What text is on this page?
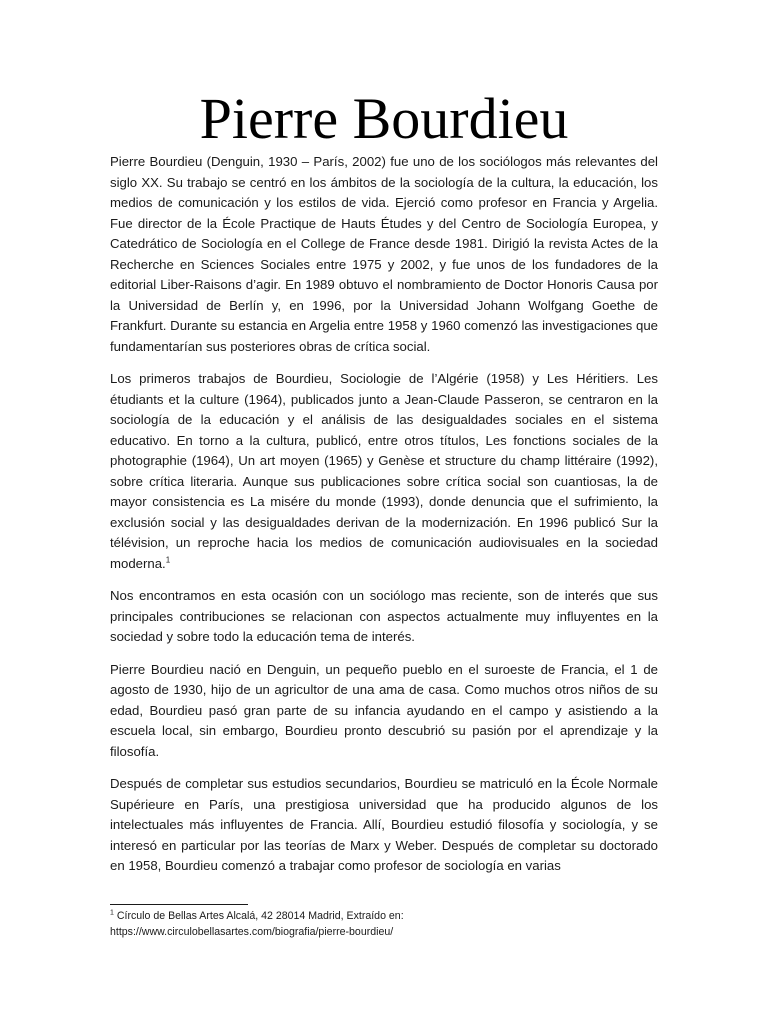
Pierre Bourdieu

Pierre Bourdieu (Denguin, 1930 – París, 2002) fue uno de los sociólogos más relevantes del siglo XX. Su trabajo se centró en los ámbitos de la sociología de la cultura, la educación, los medios de comunicación y los estilos de vida. Ejerció como profesor en Francia y Argelia. Fue director de la École Practique de Hauts Études y del Centro de Sociología Europea, y Catedrático de Sociología en el College de France desde 1981. Dirigió la revista Actes de la Recherche en Sciences Sociales entre 1975 y 2002, y fue unos de los fundadores de la editorial Liber-Raisons d’agir. En 1989 obtuvo el nombramiento de Doctor Honoris Causa por la Universidad de Berlín y, en 1996, por la Universidad Johann Wolfgang Goethe de Frankfurt. Durante su estancia en Argelia entre 1958 y 1960 comenzó las investigaciones que fundamentarían sus posteriores obras de crítica social.

Los primeros trabajos de Bourdieu, Sociologie de l’Algérie (1958) y Les Héritiers. Les étudiants et la culture (1964), publicados junto a Jean-Claude Passeron, se centraron en la sociología de la educación y el análisis de las desigualdades sociales en el sistema educativo. En torno a la cultura, publicó, entre otros títulos, Les fonctions sociales de la photographie (1964), Un art moyen (1965) y Genèse et structure du champ littéraire (1992), sobre crítica literaria. Aunque sus publicaciones sobre crítica social son cuantiosas, la de mayor consistencia es La misére du monde (1993), donde denuncia que el sufrimiento, la exclusión social y las desigualdades derivan de la modernización. En 1996 publicó Sur la télévision, un reproche hacia los medios de comunicación audiovisuales en la sociedad moderna.$^1$

Nos encontramos en esta ocasión con un sociólogo mas reciente, son de interés que sus principales contribuciones se relacionan con aspectos actualmente muy influyentes en la sociedad y sobre todo la educación tema de interés.

Pierre Bourdieu nació en Denguin, un pequeño pueblo en el suroeste de Francia, el 1 de agosto de 1930, hijo de un agricultor de una ama de casa. Como muchos otros niños de su edad, Bourdieu pasó gran parte de su infancia ayudando en el campo y asistiendo a la escuela local, sin embargo, Bourdieu pronto descubrió su pasión por el aprendizaje y la filosofía.

Después de completar sus estudios secundarios, Bourdieu se matriculó en la École Normale Supérieure en París, una prestigiosa universidad que ha producido algunos de los intelectuales más influyentes de Francia. Allí, Bourdieu estudió filosofía y sociología, y se interesó en particular por las teorías de Marx y Weber. Después de completar su doctorado en 1958, Bourdieu comenzó a trabajar como profesor de sociología en varias

$^1$ Círculo de Bellas Artes Alcalá, 42 28014 Madrid, Extraído en:
https://www.circulobellasartes.com/biografia/pierre-bourdieu/
